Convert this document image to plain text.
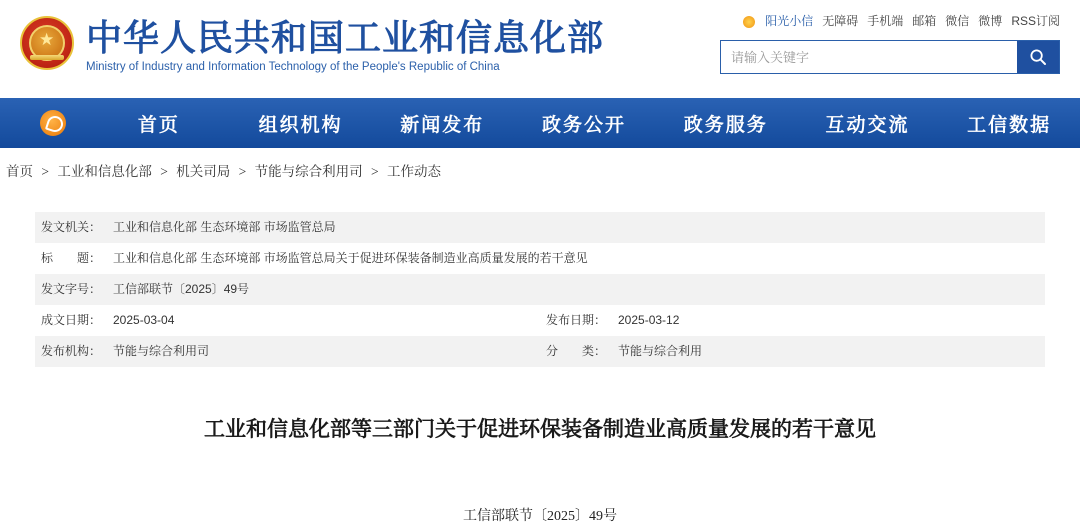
★ 中华人民共和国工业和信息化部
Ministry of Industry and Information Technology of the People's Republic of China
阳光小信 无障碍 手机端 邮箱 微信 微博 RSS订阅
请输入关键字
首页	组织机构	新闻发布	政务公开	政务服务	互动交流	工信数据
首页 > 工业和信息化部 > 机关司局 > 节能与综合利用司 > 工作动态
发文机关： 工业和信息化部 生态环境部 市场监管总局
标　　题： 工业和信息化部 生态环境部 市场监管总局关于促进环保装备制造业高质量发展的若干意见
发文字号： 工信部联节〔2025〕49号
成文日期： 2025-03-04	发布日期： 2025-03-12
发布机构： 节能与综合利用司	分　　类： 节能与综合利用
工业和信息化部等三部门关于促进环保装备制造业高质量发展的若干意见
工信部联节〔2025〕49号
